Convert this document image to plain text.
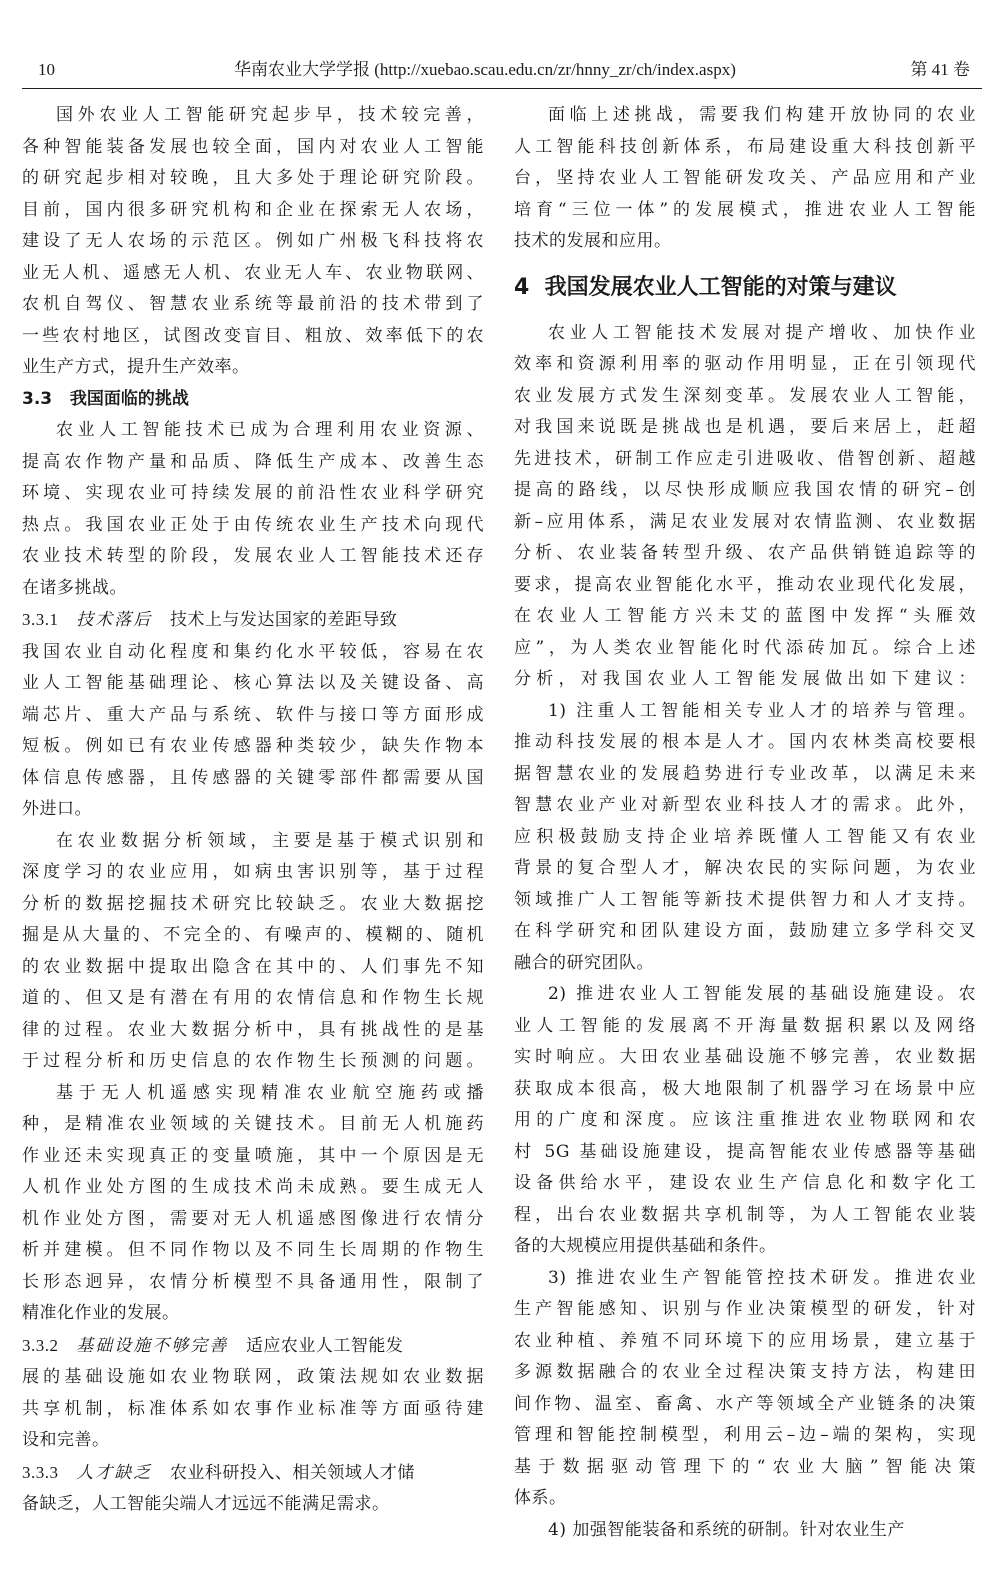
10	华南农业大学学报 (http://xuebao.scau.edu.cn/zr/hnny_zr/ch/index.aspx)	第 41 卷

国外农业人工智能研究起步早，技术较完善，
各种智能装备发展也较全面，国内对农业人工智能
的研究起步相对较晚，且大多处于理论研究阶段。
目前，国内很多研究机构和企业在探索无人农场，
建设了无人农场的示范区。例如广州极飞科技将农
业无人机、遥感无人机、农业无人车、农业物联网、
农机自驾仪、智慧农业系统等最前沿的技术带到了
一些农村地区，试图改变盲目、粗放、效率低下的农
业生产方式，提升生产效率。

3.3 我国面临的挑战

农业人工智能技术已成为合理利用农业资源、
提高农作物产量和品质、降低生产成本、改善生态
环境、实现农业可持续发展的前沿性农业科学研究
热点。我国农业正处于由传统农业生产技术向现代
农业技术转型的阶段，发展农业人工智能技术还存
在诸多挑战。

3.3.1 技术落后 技术上与发达国家的差距导致

我国农业自动化程度和集约化水平较低，容易在农
业人工智能基础理论、核心算法以及关键设备、高
端芯片、重大产品与系统、软件与接口等方面形成
短板。例如已有农业传感器种类较少，缺失作物本
体信息传感器，且传感器的关键零部件都需要从国
外进口。

在农业数据分析领域，主要是基于模式识别和
深度学习的农业应用，如病虫害识别等，基于过程
分析的数据挖掘技术研究比较缺乏。农业大数据挖
掘是从大量的、不完全的、有噪声的、模糊的、随机
的农业数据中提取出隐含在其中的、人们事先不知
道的、但又是有潜在有用的农情信息和作物生长规
律的过程。农业大数据分析中，具有挑战性的是基
于过程分析和历史信息的农作物生长预测的问题。

基于无人机遥感实现精准农业航空施药或播
种，是精准农业领域的关键技术。目前无人机施药
作业还未实现真正的变量喷施，其中一个原因是无
人机作业处方图的生成技术尚未成熟。要生成无人
机作业处方图，需要对无人机遥感图像进行农情分
析并建模。但不同作物以及不同生长周期的作物生
长形态迥异，农情分析模型不具备通用性，限制了
精准化作业的发展。

3.3.2 基础设施不够完善 适应农业人工智能发

展的基础设施如农业物联网，政策法规如农业数据
共享机制，标准体系如农事作业标准等方面亟待建
设和完善。

3.3.3 人才缺乏 农业科研投入、相关领域人才储

备缺乏，人工智能尖端人才远远不能满足需求。

面临上述挑战，需要我们构建开放协同的农业
人工智能科技创新体系，布局建设重大科技创新平
台，坚持农业人工智能研发攻关、产品应用和产业
培育“三位一体”的发展模式，推进农业人工智能
技术的发展和应用。

4 我国发展农业人工智能的对策与建议

农业人工智能技术发展对提产增收、加快作业
效率和资源利用率的驱动作用明显，正在引领现代
农业发展方式发生深刻变革。发展农业人工智能，
对我国来说既是挑战也是机遇，要后来居上，赶超
先进技术，研制工作应走引进吸收、借智创新、超越
提高的路线，以尽快形成顺应我国农情的研究–创
新–应用体系，满足农业发展对农情监测、农业数据
分析、农业装备转型升级、农产品供销链追踪等的
要求，提高农业智能化水平，推动农业现代化发展，
在农业人工智能方兴未艾的蓝图中发挥“头雁效
应”，为人类农业智能化时代添砖加瓦。综合上述
分析，对我国农业人工智能发展做出如下建议：

1) 注重人工智能相关专业人才的培养与管理。
推动科技发展的根本是人才。国内农林类高校要根
据智慧农业的发展趋势进行专业改革，以满足未来
智慧农业产业对新型农业科技人才的需求。此外，
应积极鼓励支持企业培养既懂人工智能又有农业
背景的复合型人才，解决农民的实际问题，为农业
领域推广人工智能等新技术提供智力和人才支持。
在科学研究和团队建设方面，鼓励建立多学科交叉
融合的研究团队。

2) 推进农业人工智能发展的基础设施建设。农
业人工智能的发展离不开海量数据积累以及网络
实时响应。大田农业基础设施不够完善，农业数据
获取成本很高，极大地限制了机器学习在场景中应
用的广度和深度。应该注重推进农业物联网和农
村 5G 基础设施建设，提高智能农业传感器等基础
设备供给水平，建设农业生产信息化和数字化工
程，出台农业数据共享机制等，为人工智能农业装
备的大规模应用提供基础和条件。

3) 推进农业生产智能管控技术研发。推进农业
生产智能感知、识别与作业决策模型的研发，针对
农业种植、养殖不同环境下的应用场景，建立基于
多源数据融合的农业全过程决策支持方法，构建田
间作物、温室、畜禽、水产等领域全产业链条的决策
管理和智能控制模型，利用云–边–端的架构，实现
基于数据驱动管理下的“农业大脑”智能决策
体系。

4) 加强智能装备和系统的研制。针对农业生产
